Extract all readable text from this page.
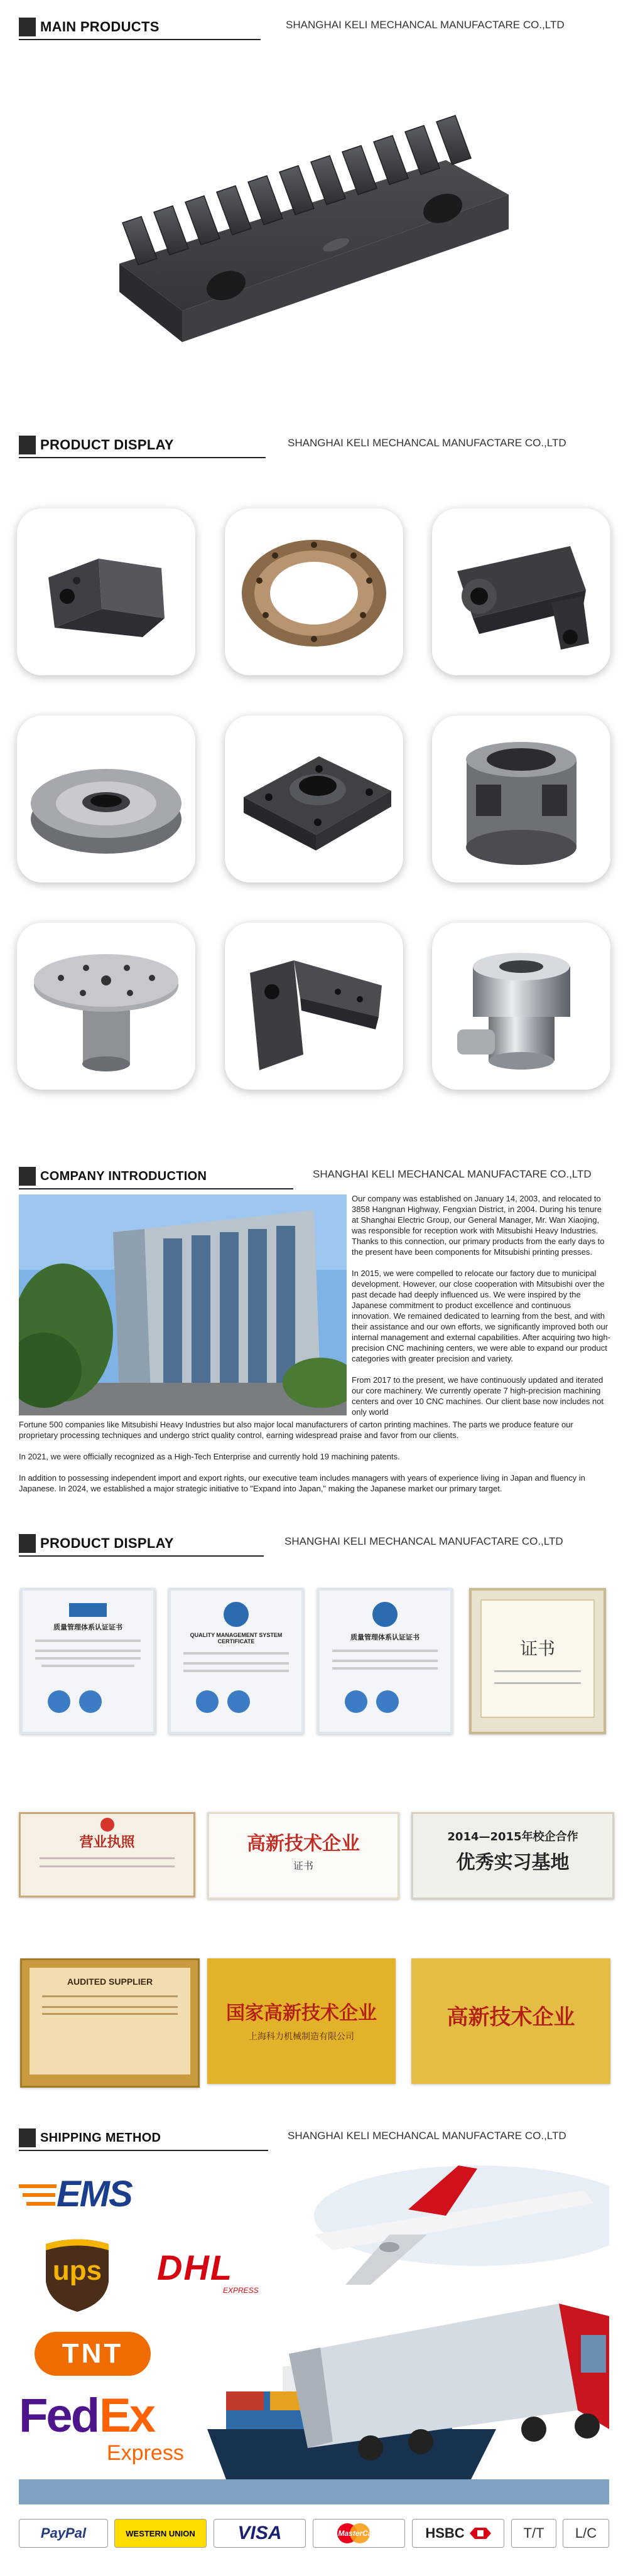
MAIN PRODUCTS	SHANGHAI KELI MECHANCAL MANUFACTARE CO.,LTD
PRODUCT DISPLAY	SHANGHAI KELI MECHANCAL MANUFACTARE CO.,LTD
COMPANY INTRODUCTION	SHANGHAI KELI MECHANCAL MANUFACTARE CO.,LTD

Our company was established on January 14, 2003, and relocated to 3858 Hangnan Highway, Fengxian District, in 2004. During his tenure at Shanghai Electric Group, our General Manager, Mr. Wan Xiaojing, was responsible for reception work with Mitsubishi Heavy Industries. Thanks to this connection, our primary products from the early days to the present have been components for Mitsubishi printing presses.

In 2015, we were compelled to relocate our factory due to municipal development. However, our close cooperation with Mitsubishi over the past decade had deeply influenced us. We were inspired by the Japanese commitment to product excellence and continuous innovation. We remained dedicated to learning from the best, and with their assistance and our own efforts, we significantly improved both our internal management and external capabilities. After acquiring two high-precision CNC machining centers, we were able to expand our product categories with greater precision and variety.

From 2017 to the present, we have continuously updated and iterated our core machinery. We currently operate 7 high-precision machining centers and over 10 CNC machines. Our client base now includes not only world

Fortune 500 companies like Mitsubishi Heavy Industries but also major local manufacturers of carton printing machines. The parts we produce feature our proprietary processing techniques and undergo strict quality control, earning widespread praise and favor from our clients.

In 2021, we were officially recognized as a High-Tech Enterprise and currently hold 19 machining patents.

In addition to possessing independent import and export rights, our executive team includes managers with years of experience living in Japan and fluency in Japanese. In 2024, we established a major strategic initiative to "Expand into Japan," making the Japanese market our primary target.

PRODUCT DISPLAY	SHANGHAI KELI MECHANCAL MANUFACTARE CO.,LTD
质量管理体系认证证书
QUALITY MANAGEMENT SYSTEM CERTIFICATE	质量管理体系认证证书
证书
营业执照	高新技术企业
证书
2014—2015年校企合作
优秀实习基地
AUDITED SUPPLIER
国家高新技术企业
上海科力机械制造有限公司
高新技术企业
SHIPPING METHOD	SHANGHAI KELI MECHANCAL MANUFACTARE CO.,LTD
EMS
ups DHL
EXPRESS
TNT
Fed Ex
Express
PayPal	WESTERN UNION VISA	MasterCard	HSBC	T/T L/C
